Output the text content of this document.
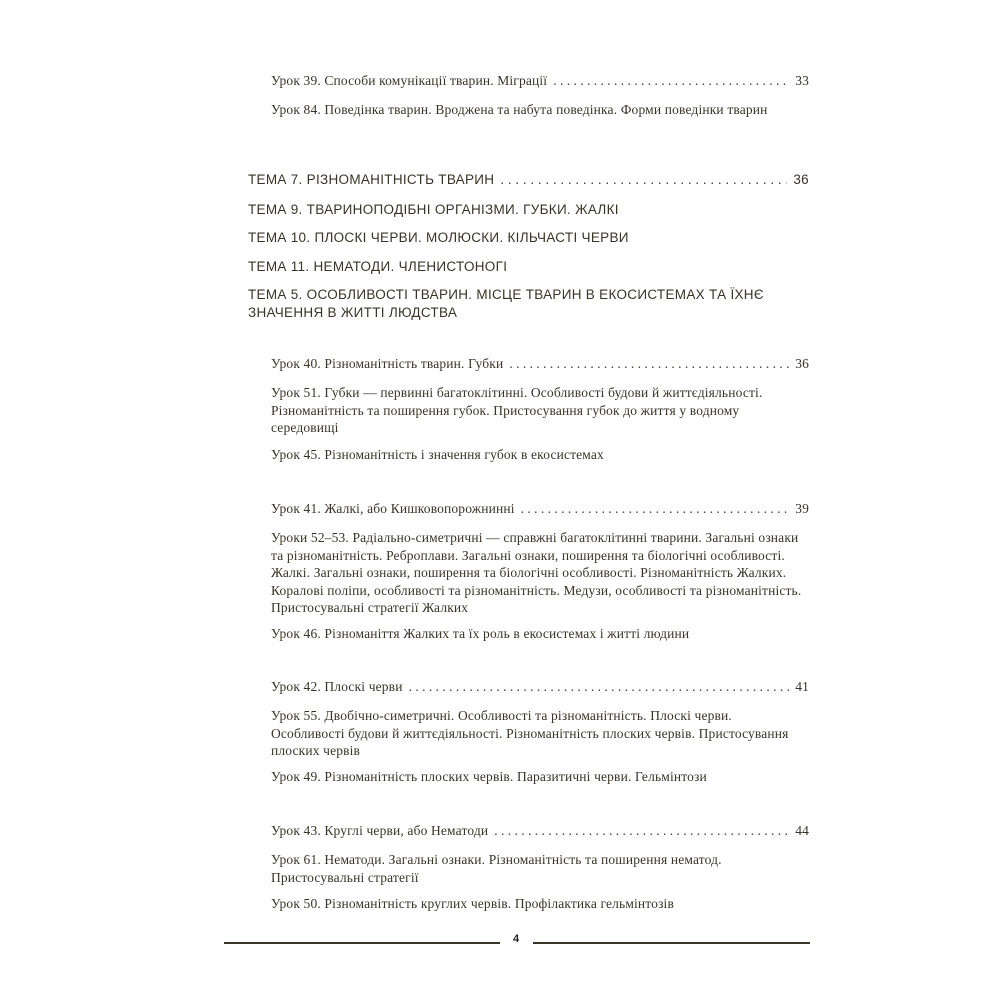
Урок 39. Способи комунікації тварин. Міграції . . .	33
Урок 84. Поведінка тварин. Вроджена та набута поведінка. Форми поведінки тварин
ТЕМА 7. РІЗНОМАНІТНІСТЬ ТВАРИН . . .	36
ТЕМА 9. ТВАРИНОПОДІБНІ ОРГАНІЗМИ. ГУБКИ. ЖАЛКІ
ТЕМА 10. ПЛОСКІ ЧЕРВИ. МОЛЮСКИ. КІЛЬЧАСТІ ЧЕРВИ
ТЕМА 11. НЕМАТОДИ. ЧЛЕНИСТОНОГІ
ТЕМА 5. ОСОБЛИВОСТІ ТВАРИН. МІСЦЕ ТВАРИН В ЕКОСИСТЕМАХ ТА ЇХНЄ ЗНАЧЕННЯ В ЖИТТІ ЛЮДСТВА
Урок 40. Різноманітність тварин. Губки . . .	36
Урок 51. Губки — первинні багатоклітинні. Особливості будови й життєдіяльності. Різноманітність та поширення губок. Пристосування губок до життя у водному середовищі
Урок 45. Різноманітність і значення губок в екосистемах
Урок 41. Жалкі, або Кишковопорожнинні . . .	39
Уроки 52–53. Радіально-симетричні — справжні багатоклітинні тварини. Загальні ознаки та різноманітність. Реброплави. Загальні ознаки, поширення та біологічні особливості. Жалкі. Загальні ознаки, поширення та біологічні особливості. Різноманітність Жалких. Коралові поліпи, особливості та різноманітність. Медузи, особливості та різноманітність. Пристосувальні стратегії Жалких
Урок 46. Різноманіття Жалких та їх роль в екосистемах і житті людини
Урок 42. Плоскі черви . . .	41
Урок 55. Двобічно-симетричні. Особливості та різноманітність. Плоскі черви. Особливості будови й життєдіяльності. Різноманітність плоских червів. Пристосування плоских червів
Урок 49. Різноманітність плоских червів. Паразитичні черви. Гельмінтози
Урок 43. Круглі черви, або Нематоди . . .	44
Урок 61. Нематоди. Загальні ознаки. Різноманітність та поширення нематод. Пристосувальні стратегії
Урок 50. Різноманітність круглих червів. Профілактика гельмінтозів
4
